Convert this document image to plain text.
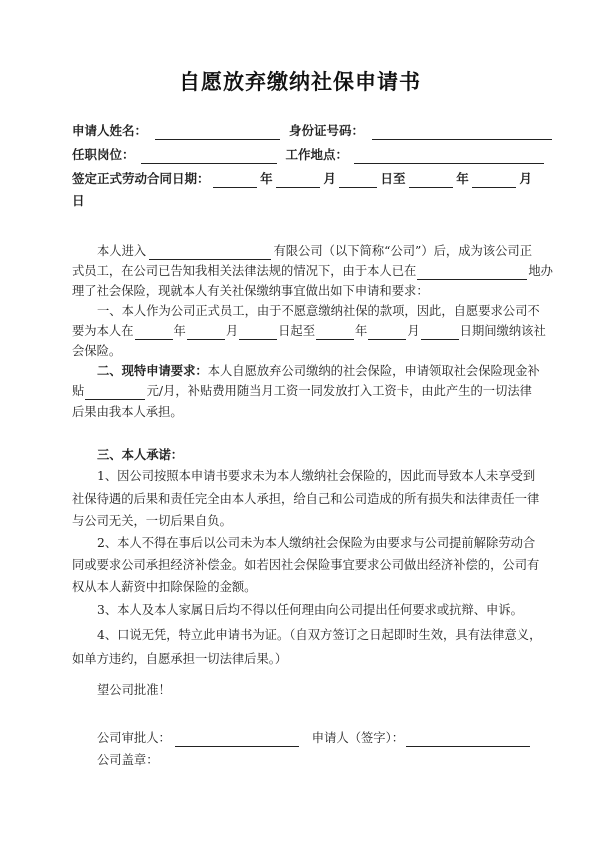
自愿放弃缴纳社保申请书
申请人姓名：	身份证号码：
任职岗位：	工作地点：
签定正式劳动合同日期：	年	月	日至	年	月
日
本人进入	有限公司（以下简称“公司”）后，成为该公司正
式员工，在公司已告知我相关法律法规的情况下，由于本人已在	地办
理了社会保险，现就本人有关社保缴纳事宜做出如下申请和要求：
一、本人作为公司正式员工，由于不愿意缴纳社保的款项，因此，自愿要求公司不
要为本人在	年	月	日起至	年	月	日期间缴纳该社
会保险。
二、现特申请要求： 本人自愿放弃公司缴纳的社会保险，申请领取社会保险现金补
贴	元/月，补贴费用随当月工资一同发放打入工资卡，由此产生的一切法律
后果由我本人承担。
三、本人承诺：
1、因公司按照本申请书要求未为本人缴纳社会保险的，因此而导致本人未享受到
社保待遇的后果和责任完全由本人承担，给自己和公司造成的所有损失和法律责任一律
与公司无关，一切后果自负。
2、本人不得在事后以公司未为本人缴纳社会保险为由要求与公司提前解除劳动合
同或要求公司承担经济补偿金。如若因社会保险事宜要求公司做出经济补偿的，公司有
权从本人薪资中扣除保险的金额。
3、本人及本人家属日后均不得以任何理由向公司提出任何要求或抗辩、申诉。
4、口说无凭，特立此申请书为证。（自双方签订之日起即时生效，具有法律意义，
如单方违约，自愿承担一切法律后果。）
望公司批准！
公司审批人：	申请人（签字）：
公司盖章：
